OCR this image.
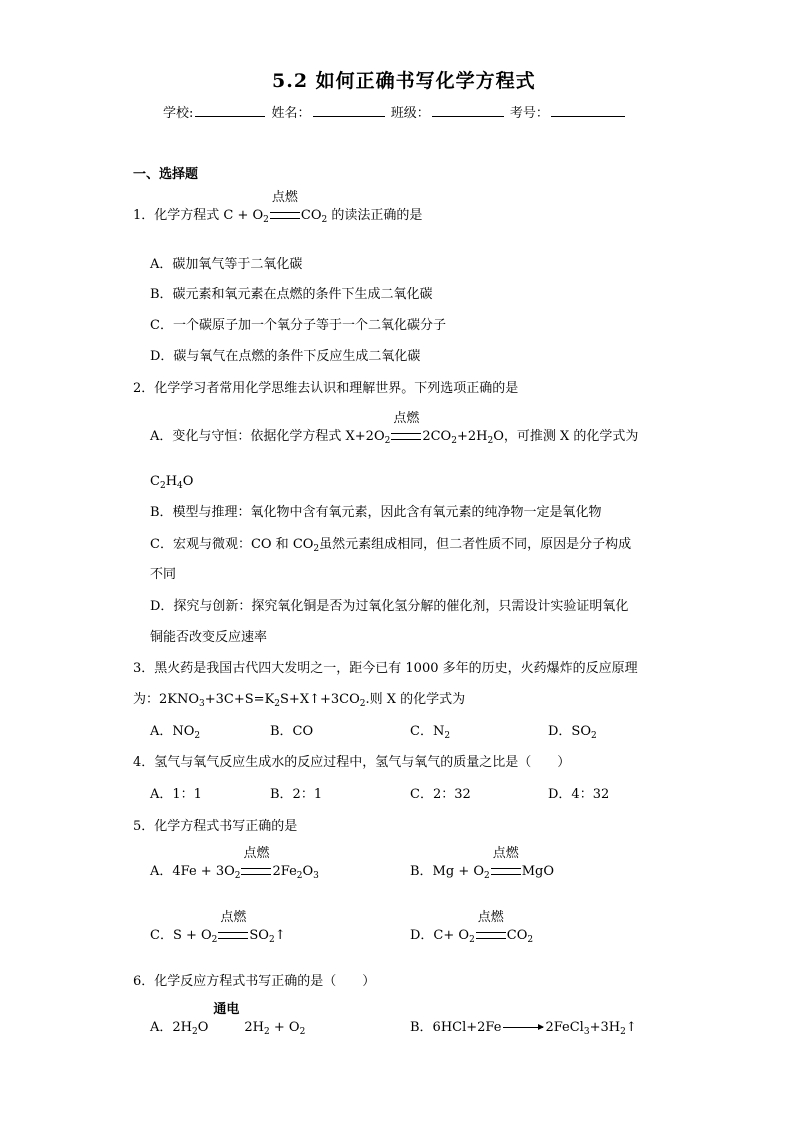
5.2 如何正确书写化学方程式
学校:	姓名：	班级：	考号：
一、选择题
1．化学方程式 $C + O_2$
点燃
$CO_2$ 的读法正确的是
A．碳加氧气等于二氧化碳
B．碳元素和氧元素在点燃的条件下生成二氧化碳
C．一个碳原子加一个氧分子等于一个二氧化碳分子
D．碳与氧气在点燃的条件下反应生成二氧化碳
2．化学学习者常用化学思维去认识和理解世界。下列选项正确的是
A．变化与守恒：依据化学方程式 $X+2O_2$
点燃
$2CO_2+2H_2O$，可推测 X 的化学式为
$C_2H_4O$
B．模型与推理：氧化物中含有氧元素，因此含有氧元素的纯净物一定是氧化物
C．宏观与微观：CO 和 $CO_2$虽然元素组成相同，但二者性质不同，原因是分子构成
不同
D．探究与创新：探究氧化铜是否为过氧化氢分解的催化剂，只需设计实验证明氧化
铜能否改变反应速率
3．黑火药是我国古代四大发明之一，距今已有 1000 多年的历史，火药爆炸的反应原理
为：$2KNO_3+3C+S=K_2S+X↑+3CO_2$.则 X 的化学式为
A．$NO_2$	B．CO	C．$N_2$	D．$SO_2$
4．氢气与氧气反应生成水的反应过程中，氢气与氧气的质量之比是（　　）
A．1：1	B．2：1	C．2：32	D．4：32
5．化学方程式书写正确的是
A．$4Fe + 3O_2$
点燃
$2Fe_2O_3$	B．$Mg + O_2$
点燃
MgO
C．$S + O_2$
点燃
$SO_2↑$	D．$C+ O_2$
点燃
$CO_2$
6．化学反应方程式书写正确的是（　　）
A．$2H_2O$
通电
$2H_2 + O_2$	B．$6HCl+2Fe \to 2FeCl_3+3H_2↑$
